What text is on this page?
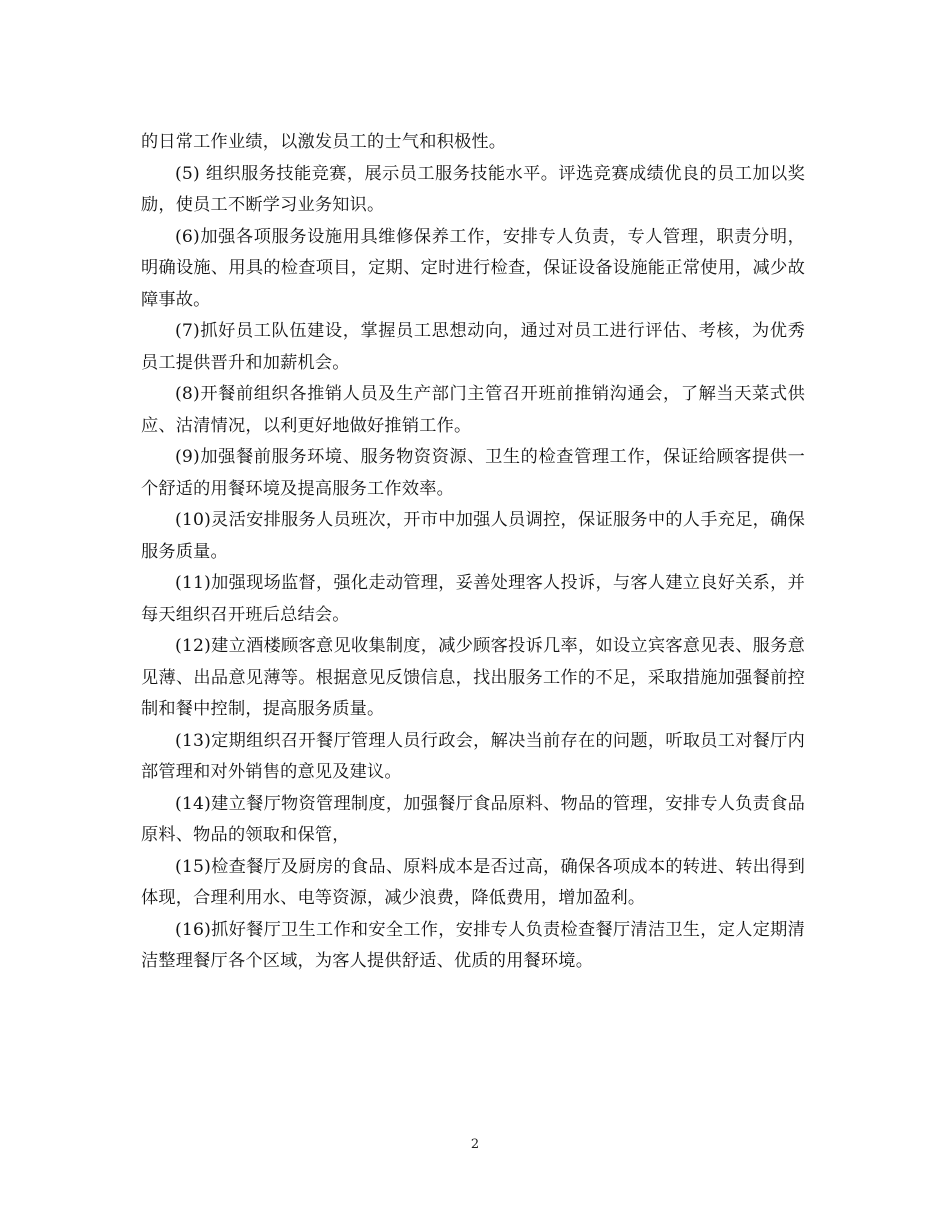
的日常工作业绩，以激发员工的士气和积极性。

(5) 组织服务技能竞赛，展示员工服务技能水平。评选竞赛成绩优良的员工加以奖励，使员工不断学习业务知识。

(6)加强各项服务设施用具维修保养工作，安排专人负责，专人管理，职责分明，明确设施、用具的检查项目，定期、定时进行检查，保证设备设施能正常使用，减少故障事故。

(7)抓好员工队伍建设，掌握员工思想动向，通过对员工进行评估、考核，为优秀员工提供晋升和加薪机会。

(8)开餐前组织各推销人员及生产部门主管召开班前推销沟通会，了解当天菜式供应、沽清情况，以利更好地做好推销工作。

(9)加强餐前服务环境、服务物资资源、卫生的检查管理工作，保证给顾客提供一个舒适的用餐环境及提高服务工作效率。

(10)灵活安排服务人员班次，开市中加强人员调控，保证服务中的人手充足，确保服务质量。

(11)加强现场监督，强化走动管理，妥善处理客人投诉，与客人建立良好关系，并每天组织召开班后总结会。

(12)建立酒楼顾客意见收集制度，减少顾客投诉几率，如设立宾客意见表、服务意见薄、出品意见薄等。根据意见反馈信息，找出服务工作的不足，采取措施加强餐前控制和餐中控制，提高服务质量。

(13)定期组织召开餐厅管理人员行政会，解决当前存在的问题，听取员工对餐厅内部管理和对外销售的意见及建议。

(14)建立餐厅物资管理制度，加强餐厅食品原料、物品的管理，安排专人负责食品原料、物品的领取和保管，

(15)检查餐厅及厨房的食品、原料成本是否过高，确保各项成本的转进、转出得到体现，合理利用水、电等资源，减少浪费，降低费用，增加盈利。

(16)抓好餐厅卫生工作和安全工作，安排专人负责检查餐厅清洁卫生，定人定期清洁整理餐厅各个区域，为客人提供舒适、优质的用餐环境。

2
